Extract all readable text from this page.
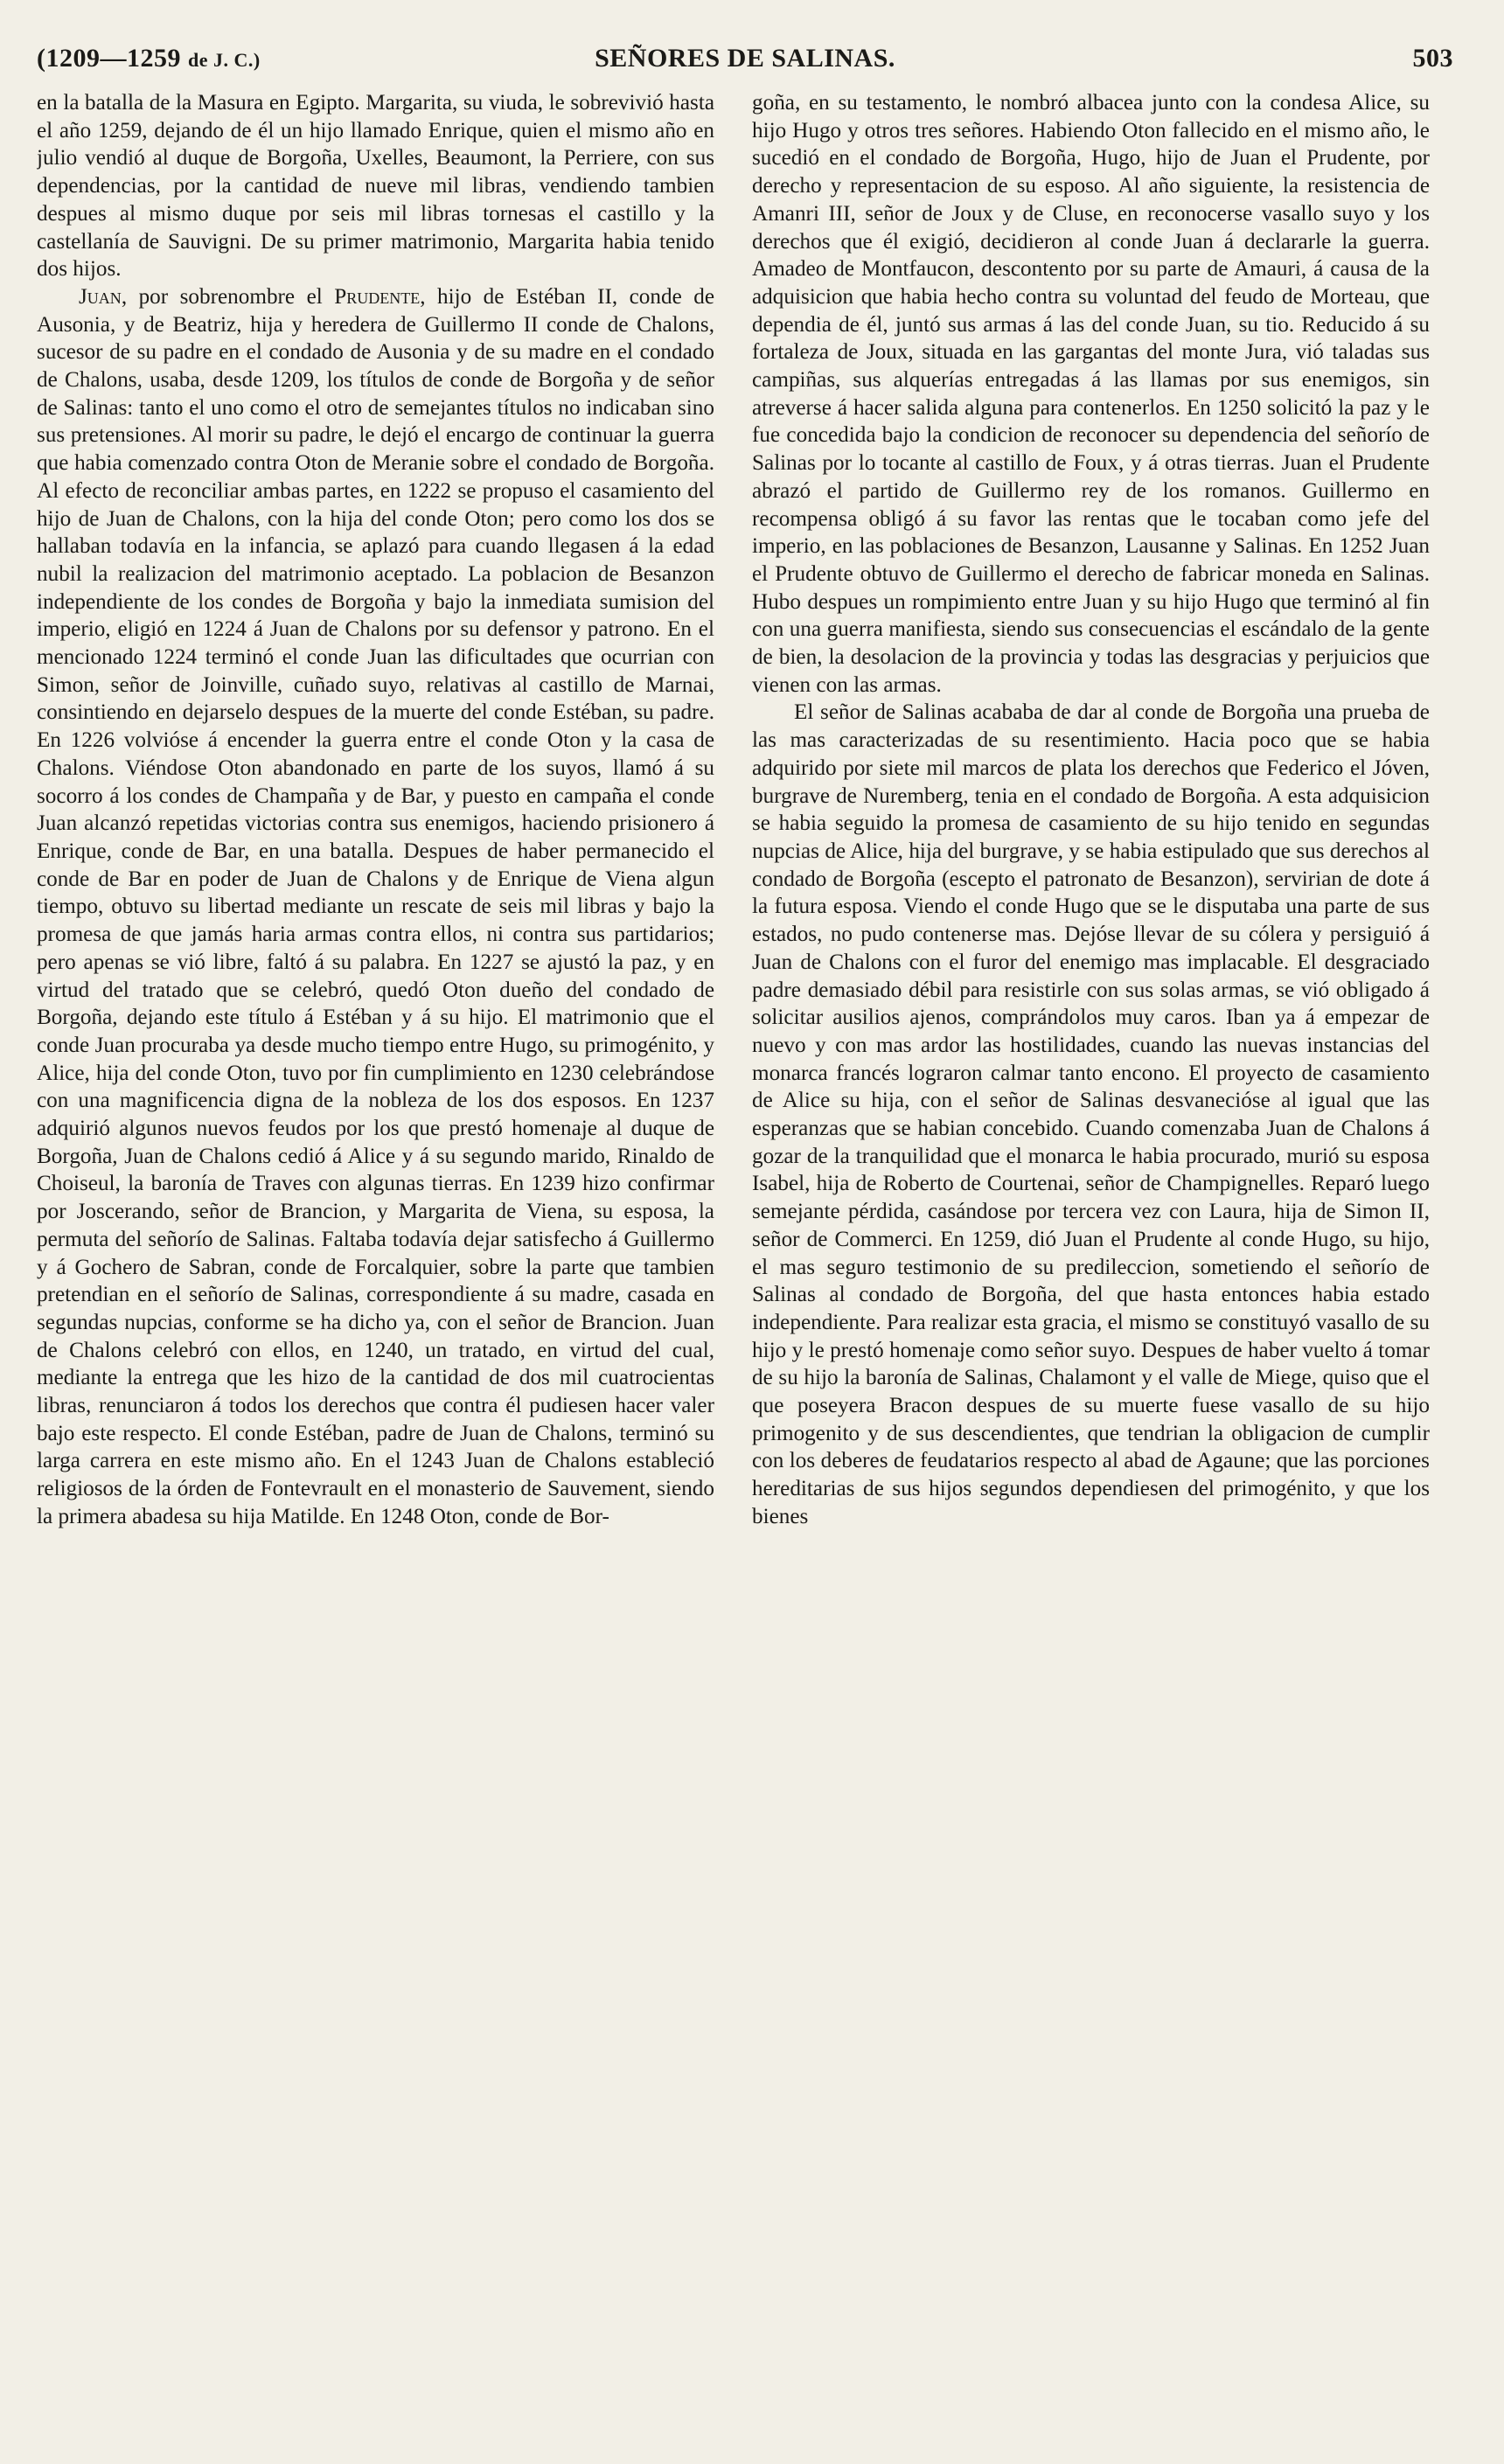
(1209—1259 de J. C.)	SEÑORES DE SALINAS.	503

en la batalla de la Masura en Egipto. Margarita, su viuda, le sobrevivió hasta el año 1259, dejando de él un hijo llamado Enrique, quien el mismo año en julio vendió al duque de Borgoña, Uxelles, Beaumont, la Perriere, con sus dependencias, por la cantidad de nueve mil libras, vendiendo tambien despues al mismo duque por seis mil libras tornesas el castillo y la castellanía de Sauvigni. De su primer matrimonio, Margarita habia tenido dos hijos.

Juan, por sobrenombre el Prudente, hijo de Estéban II, conde de Ausonia, y de Beatriz, hija y heredera de Guillermo II conde de Chalons, sucesor de su padre en el condado de Ausonia y de su madre en el condado de Chalons, usaba, desde 1209, los títulos de conde de Borgoña y de señor de Salinas: tanto el uno como el otro de semejantes títulos no indicaban sino sus pretensiones. Al morir su padre, le dejó el encargo de continuar la guerra que habia comenzado contra Oton de Meranie sobre el condado de Borgoña. Al efecto de reconciliar ambas partes, en 1222 se propuso el casamiento del hijo de Juan de Chalons, con la hija del conde Oton; pero como los dos se hallaban todavía en la infancia, se aplazó para cuando llegasen á la edad nubil la realizacion del matrimonio aceptado. La poblacion de Besanzon independiente de los condes de Borgoña y bajo la inmediata sumision del imperio, eligió en 1224 á Juan de Chalons por su defensor y patrono. En el mencionado 1224 terminó el conde Juan las dificultades que ocurrian con Simon, señor de Joinville, cuñado suyo, relativas al castillo de Marnai, consintiendo en dejarselo despues de la muerte del conde Estéban, su padre. En 1226 volvióse á encender la guerra entre el conde Oton y la casa de Chalons. Viéndose Oton abandonado en parte de los suyos, llamó á su socorro á los condes de Champaña y de Bar, y puesto en campaña el conde Juan alcanzó repetidas victorias contra sus enemigos, haciendo prisionero á Enrique, conde de Bar, en una batalla. Despues de haber permanecido el conde de Bar en poder de Juan de Chalons y de Enrique de Viena algun tiempo, obtuvo su libertad mediante un rescate de seis mil libras y bajo la promesa de que jamás haria armas contra ellos, ni contra sus partidarios; pero apenas se vió libre, faltó á su palabra. En 1227 se ajustó la paz, y en virtud del tratado que se celebró, quedó Oton dueño del condado de Borgoña, dejando este título á Estéban y á su hijo. El matrimonio que el conde Juan procuraba ya desde mucho tiempo entre Hugo, su primogénito, y Alice, hija del conde Oton, tuvo por fin cumplimiento en 1230 celebrándose con una magnificencia digna de la nobleza de los dos esposos. En 1237 adquirió algunos nuevos feudos por los que prestó homenaje al duque de Borgoña, Juan de Chalons cedió á Alice y á su segundo marido, Rinaldo de Choiseul, la baronía de Traves con algunas tierras. En 1239 hizo confirmar por Joscerando, señor de Brancion, y Margarita de Viena, su esposa, la permuta del señorío de Salinas. Faltaba todavía dejar satisfecho á Guillermo y á Gochero de Sabran, conde de Forcalquier, sobre la parte que tambien pretendian en el señorío de Salinas, correspondiente á su madre, casada en segundas nupcias, conforme se ha dicho ya, con el señor de Brancion. Juan de Chalons celebró con ellos, en 1240, un tratado, en virtud del cual, mediante la entrega que les hizo de la cantidad de dos mil cuatrocientas libras, renunciaron á todos los derechos que contra él pudiesen hacer valer bajo este respecto. El conde Estéban, padre de Juan de Chalons, terminó su larga carrera en este mismo año. En el 1243 Juan de Chalons estableció religiosos de la órden de Fontevrault en el monasterio de Sauvement, siendo la primera abadesa su hija Matilde. En 1248 Oton, conde de Bor-

goña, en su testamento, le nombró albacea junto con la condesa Alice, su hijo Hugo y otros tres señores. Habiendo Oton fallecido en el mismo año, le sucedió en el condado de Borgoña, Hugo, hijo de Juan el Prudente, por derecho y representacion de su esposo. Al año siguiente, la resistencia de Amanri III, señor de Joux y de Cluse, en reconocerse vasallo suyo y los derechos que él exigió, decidieron al conde Juan á declararle la guerra. Amadeo de Montfaucon, descontento por su parte de Amauri, á causa de la adquisicion que habia hecho contra su voluntad del feudo de Morteau, que dependia de él, juntó sus armas á las del conde Juan, su tio. Reducido á su fortaleza de Joux, situada en las gargantas del monte Jura, vió taladas sus campiñas, sus alquerías entregadas á las llamas por sus enemigos, sin atreverse á hacer salida alguna para contenerlos. En 1250 solicitó la paz y le fue concedida bajo la condicion de reconocer su dependencia del señorío de Salinas por lo tocante al castillo de Foux, y á otras tierras. Juan el Prudente abrazó el partido de Guillermo rey de los romanos. Guillermo en recompensa obligó á su favor las rentas que le tocaban como jefe del imperio, en las poblaciones de Besanzon, Lausanne y Salinas. En 1252 Juan el Prudente obtuvo de Guillermo el derecho de fabricar moneda en Salinas. Hubo despues un rompimiento entre Juan y su hijo Hugo que terminó al fin con una guerra manifiesta, siendo sus consecuencias el escándalo de la gente de bien, la desolacion de la provincia y todas las desgracias y perjuicios que vienen con las armas.

El señor de Salinas acababa de dar al conde de Borgoña una prueba de las mas caracterizadas de su resentimiento. Hacia poco que se habia adquirido por siete mil marcos de plata los derechos que Federico el Jóven, burgrave de Nuremberg, tenia en el condado de Borgoña. A esta adquisicion se habia seguido la promesa de casamiento de su hijo tenido en segundas nupcias de Alice, hija del burgrave, y se habia estipulado que sus derechos al condado de Borgoña (escepto el patronato de Besanzon), servirian de dote á la futura esposa. Viendo el conde Hugo que se le disputaba una parte de sus estados, no pudo contenerse mas. Dejóse llevar de su cólera y persiguió á Juan de Chalons con el furor del enemigo mas implacable. El desgraciado padre demasiado débil para resistirle con sus solas armas, se vió obligado á solicitar ausilios ajenos, comprándolos muy caros. Iban ya á empezar de nuevo y con mas ardor las hostilidades, cuando las nuevas instancias del monarca francés lograron calmar tanto encono. El proyecto de casamiento de Alice su hija, con el señor de Salinas desvanecióse al igual que las esperanzas que se habian concebido. Cuando comenzaba Juan de Chalons á gozar de la tranquilidad que el monarca le habia procurado, murió su esposa Isabel, hija de Roberto de Courtenai, señor de Champignelles. Reparó luego semejante pérdida, casándose por tercera vez con Laura, hija de Simon II, señor de Commerci. En 1259, dió Juan el Prudente al conde Hugo, su hijo, el mas seguro testimonio de su predileccion, sometiendo el señorío de Salinas al condado de Borgoña, del que hasta entonces habia estado independiente. Para realizar esta gracia, el mismo se constituyó vasallo de su hijo y le prestó homenaje como señor suyo. Despues de haber vuelto á tomar de su hijo la baronía de Salinas, Chalamont y el valle de Miege, quiso que el que poseyera Bracon despues de su muerte fuese vasallo de su hijo primogenito y de sus descendientes, que tendrian la obligacion de cumplir con los deberes de feudatarios respecto al abad de Agaune; que las porciones hereditarias de sus hijos segundos dependiesen del primogénito, y que los bienes
